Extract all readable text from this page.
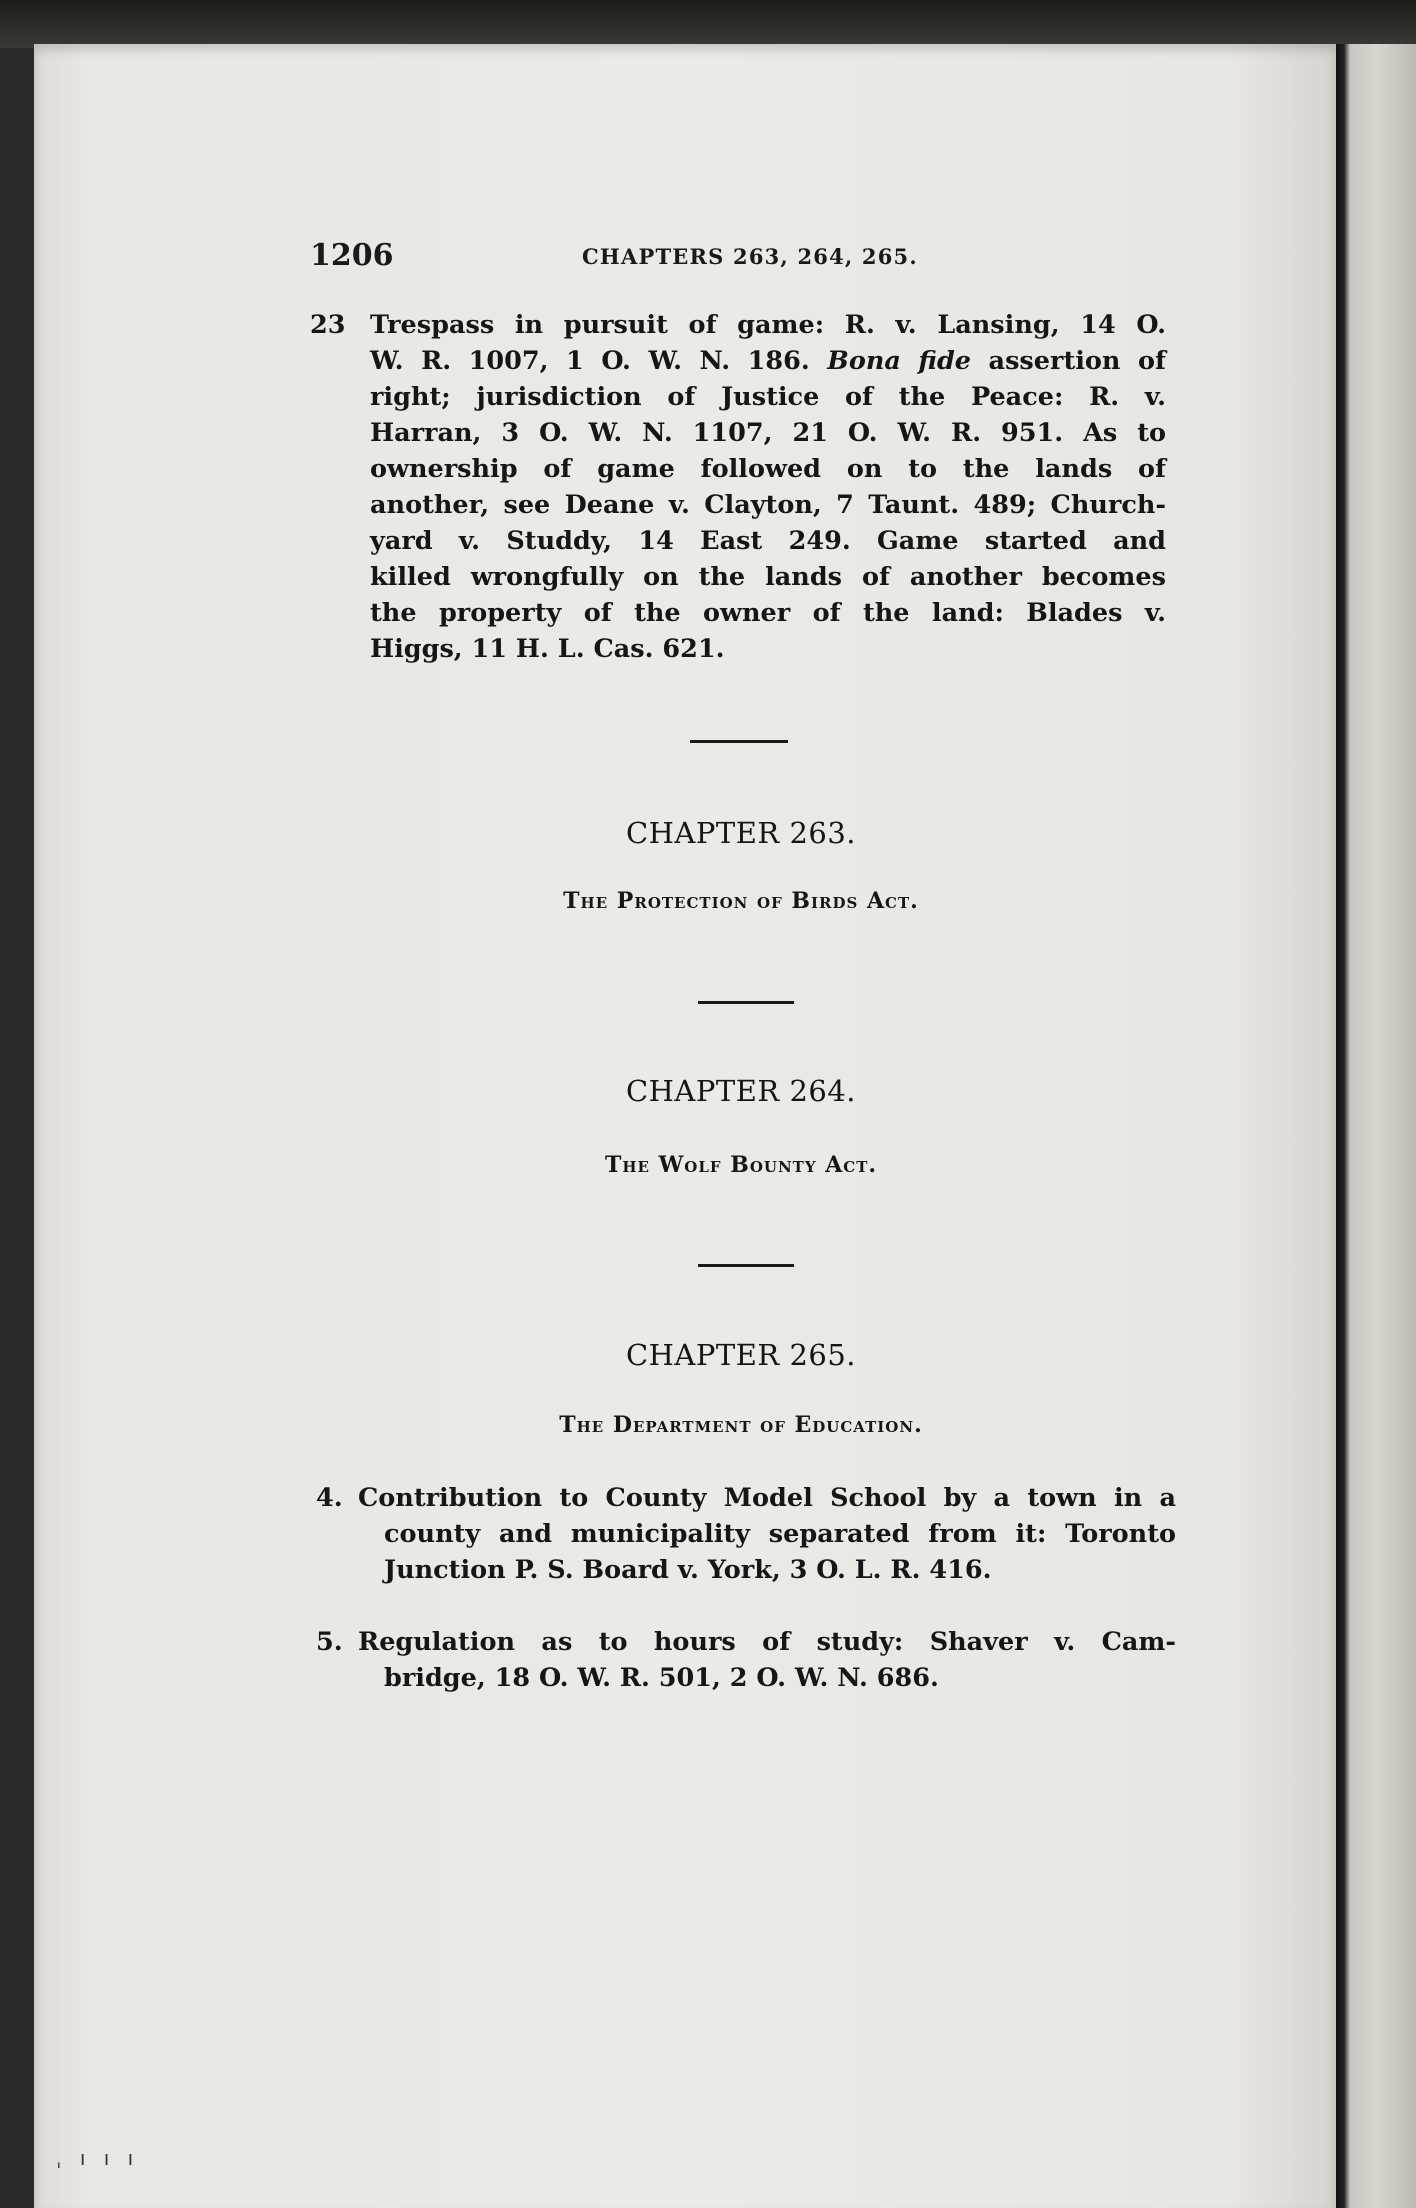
1206	CHAPTERS 263, 264, 265.
23 Trespass in pursuit of game: R. v. Lansing, 14 O.
W. R. 1007, 1 O. W. N. 186. Bona fide assertion of
right; jurisdiction of Justice of the Peace: R. v.
Harran, 3 O. W. N. 1107, 21 O. W. R. 951. As to
ownership of game followed on to the lands of
another, see Deane v. Clayton, 7 Taunt. 489; Church-
yard v. Studdy, 14 East 249. Game started and
killed wrongfully on the lands of another becomes
the property of the owner of the land: Blades v.
Higgs, 11 H. L. Cas. 621.
CHAPTER 263.
The Protection of Birds Act.
CHAPTER 264.
The Wolf Bounty Act.
CHAPTER 265.
The Department of Education.
4. Contribution to County Model School by a town in a
county and municipality separated from it: Toronto
Junction P. S. Board v. York, 3 O. L. R. 416.
5. Regulation as to hours of study: Shaver v. Cam-
bridge, 18 O. W. R. 501, 2 O. W. N. 686.
ˌ ı ı ı
